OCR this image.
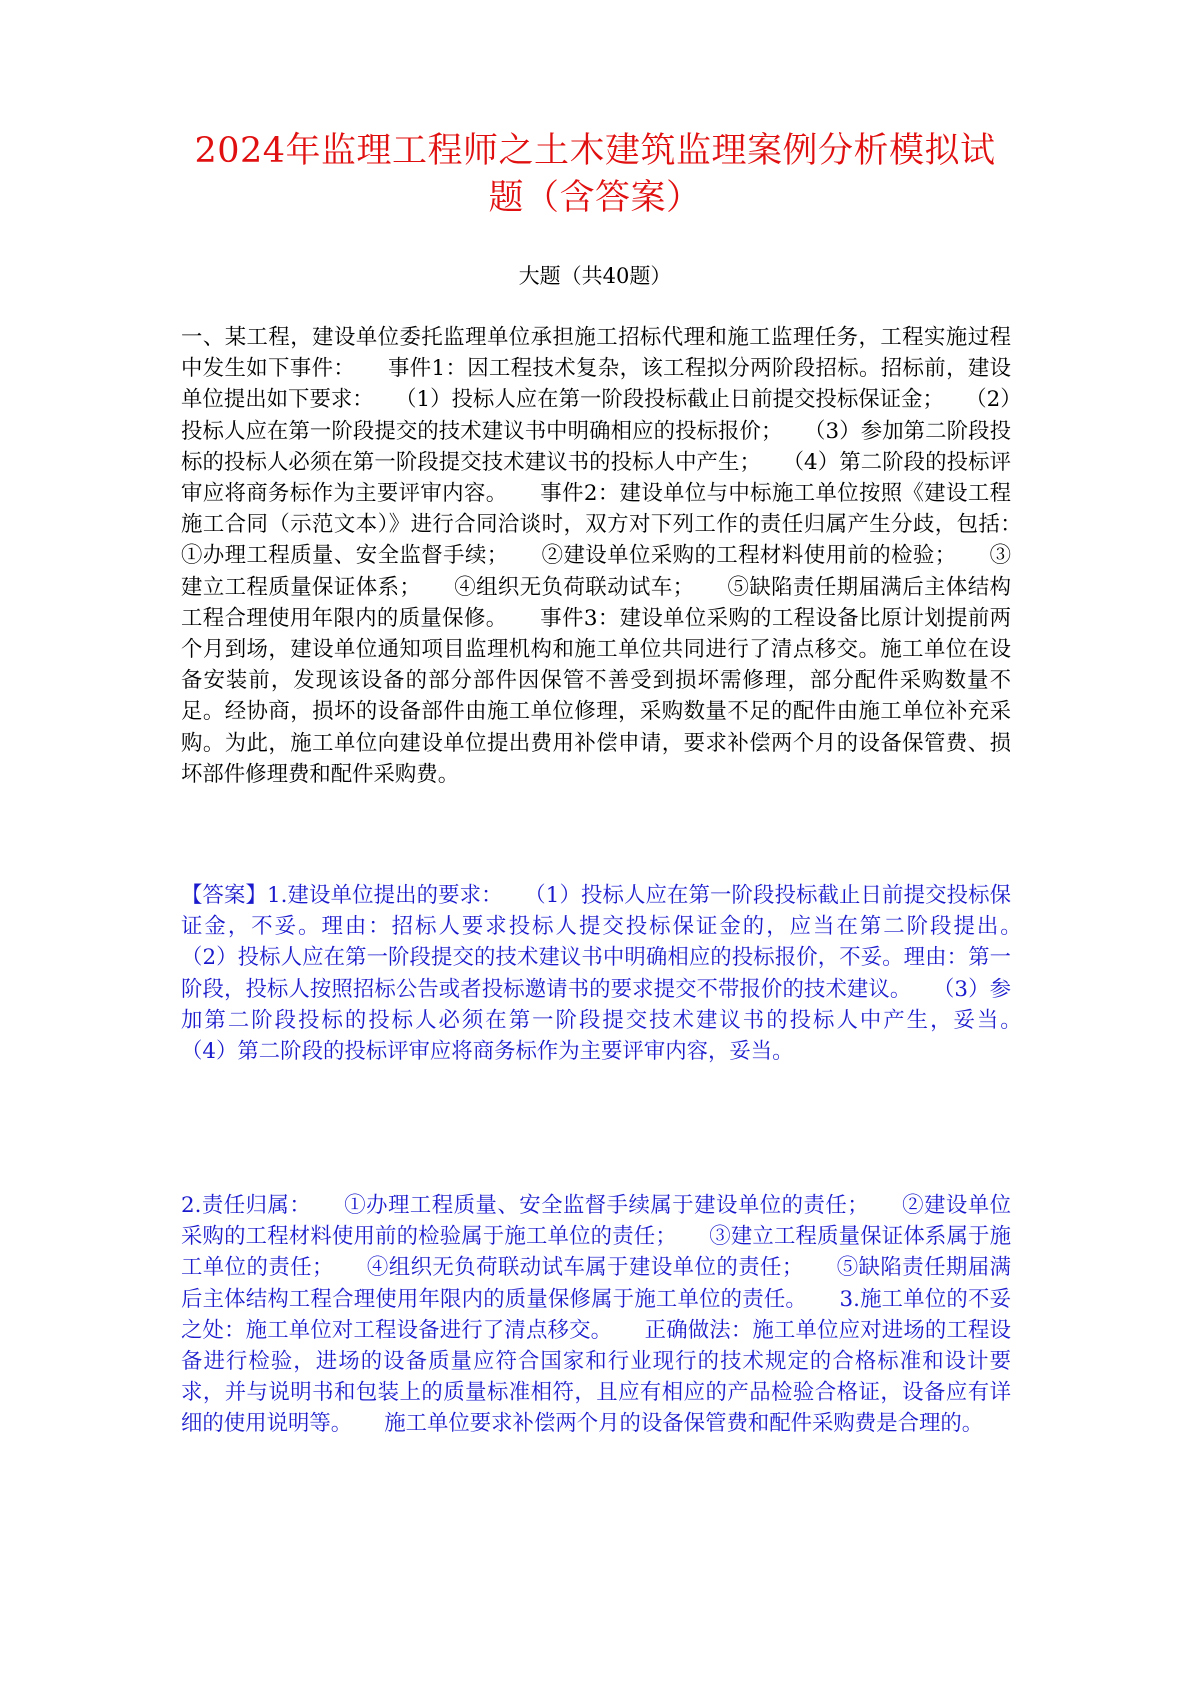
2024年监理工程师之土木建筑监理案例分析模拟试题（含答案）

大题（共40题）

一、某工程，建设单位委托监理单位承担施工招标代理和施工监理任务，工程实施过程中发生如下事件：　　事件1：因工程技术复杂，该工程拟分两阶段招标。招标前，建设单位提出如下要求：　　（1）投标人应在第一阶段投标截止日前提交投标保证金；　　（2）投标人应在第一阶段提交的技术建议书中明确相应的投标报价；　　（3）参加第二阶段投标的投标人必须在第一阶段提交技术建议书的投标人中产生；　　（4）第二阶段的投标评审应将商务标作为主要评审内容。　　事件2：建设单位与中标施工单位按照《建设工程施工合同（示范文本）》进行合同洽谈时，双方对下列工作的责任归属产生分歧，包括：　　①办理工程质量、安全监督手续；　　②建设单位采购的工程材料使用前的检验；　　③建立工程质量保证体系；　　④组织无负荷联动试车；　　⑤缺陷责任期届满后主体结构工程合理使用年限内的质量保修。　　事件3：建设单位采购的工程设备比原计划提前两个月到场，建设单位通知项目监理机构和施工单位共同进行了清点移交。施工单位在设备安装前，发现该设备的部分部件因保管不善受到损坏需修理，部分配件采购数量不足。经协商，损坏的设备部件由施工单位修理，采购数量不足的配件由施工单位补充采购。为此，施工单位向建设单位提出费用补偿申请，要求补偿两个月的设备保管费、损坏部件修理费和配件采购费。

【答案】1.建设单位提出的要求：　　（1）投标人应在第一阶段投标截止日前提交投标保证金，不妥。理由：招标人要求投标人提交投标保证金的，应当在第二阶段提出。　　（2）投标人应在第一阶段提交的技术建议书中明确相应的投标报价，不妥。理由：第一阶段，投标人按照招标公告或者投标邀请书的要求提交不带报价的技术建议。　　（3）参加第二阶段投标的投标人必须在第一阶段提交技术建议书的投标人中产生，妥当。　　（4）第二阶段的投标评审应将商务标作为主要评审内容，妥当。

2.责任归属：　　①办理工程质量、安全监督手续属于建设单位的责任；　　②建设单位采购的工程材料使用前的检验属于施工单位的责任；　　③建立工程质量保证体系属于施工单位的责任；　　④组织无负荷联动试车属于建设单位的责任；　　⑤缺陷责任期届满后主体结构工程合理使用年限内的质量保修属于施工单位的责任。　　3.施工单位的不妥之处：施工单位对工程设备进行了清点移交。　　正确做法：施工单位应对进场的工程设备进行检验，进场的设备质量应符合国家和行业现行的技术规定的合格标准和设计要求，并与说明书和包装上的质量标准相符，且应有相应的产品检验合格证，设备应有详细的使用说明等。　　施工单位要求补偿两个月的设备保管费和配件采购费是合理的。
